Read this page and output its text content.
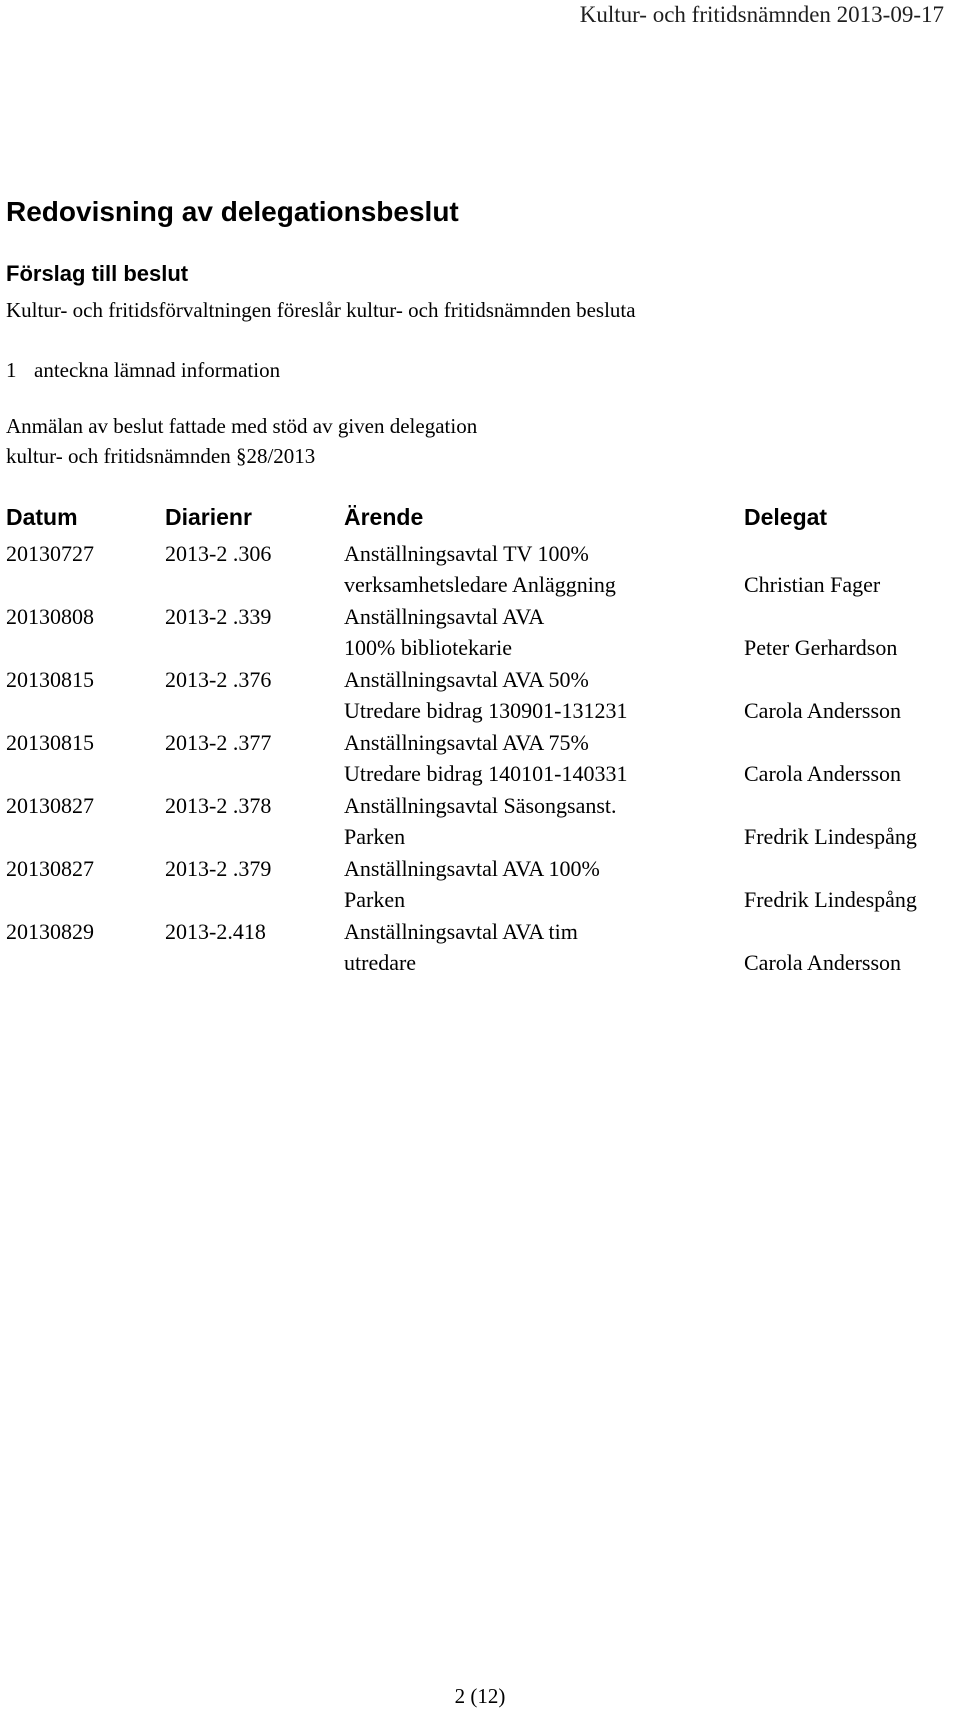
Kultur- och fritidsnämnden 2013-09-17
Redovisning av delegationsbeslut
Förslag till beslut
Kultur- och fritidsförvaltningen föreslår kultur- och fritidsnämnden besluta
1 anteckna lämnad information
Anmälan av beslut fattade med stöd av given delegation
kultur- och fritidsnämnden §28/2013
Datum	Diarienr	Ärende	Delegat
20130727	2013-2 .306	Anställningsavtal TV 100%
verksamhetsledare Anläggning	Christian Fager
20130808	2013-2 .339	Anställningsavtal AVA
100% bibliotekarie	Peter Gerhardson
20130815	2013-2 .376	Anställningsavtal AVA 50%
Utredare bidrag 130901-131231	Carola Andersson
20130815	2013-2 .377	Anställningsavtal AVA 75%
Utredare bidrag 140101-140331	Carola Andersson
20130827	2013-2 .378	Anställningsavtal Säsongsanst.
Parken	Fredrik Lindespång
20130827	2013-2 .379	Anställningsavtal AVA 100%
Parken	Fredrik Lindespång
20130829	2013-2.418	Anställningsavtal AVA tim
utredare	Carola Andersson
2 (12)
